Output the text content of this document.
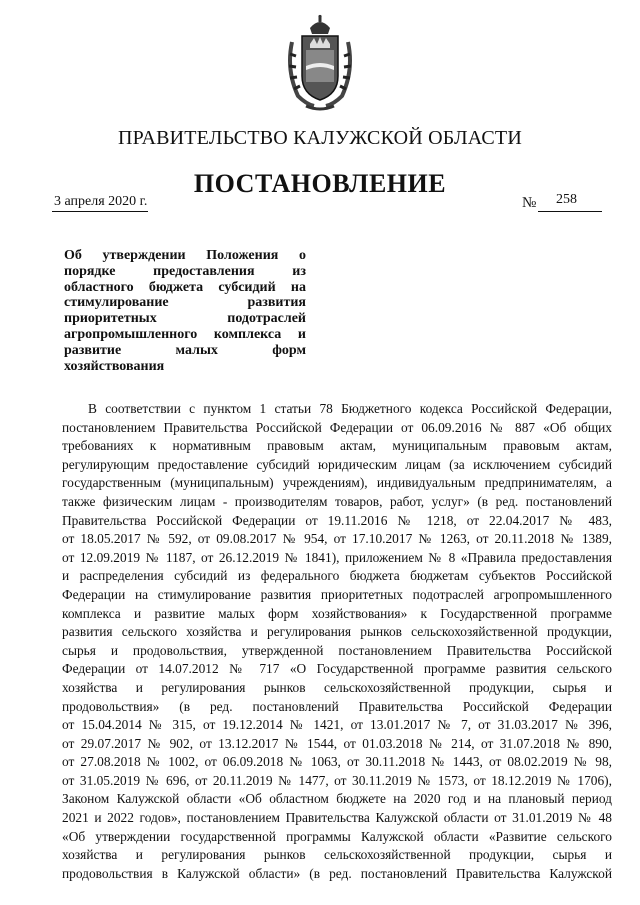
ПРАВИТЕЛЬСТВО КАЛУЖСКОЙ ОБЛАСТИ
ПОСТАНОВЛЕНИЕ
3 апреля 2020 г.	№ 258
Об утверждении Положения о
порядке предоставления из
областного бюджета субсидий на
стимулирование развития
приоритетных подотраслей
агропромышленного комплекса и
развитие малых форм
хозяйствования
В соответствии с пунктом 1 статьи 78 Бюджетного кодекса Российской Федерации,
постановлением Правительства Российской Федерации от 06.09.2016 № 887 «Об общих
требованиях к нормативным правовым актам, муниципальным правовым актам,
регулирующим предоставление субсидий юридическим лицам (за исключением субсидий
государственным (муниципальным) учреждениям), индивидуальным предпринимателям, а
также физическим лицам - производителям товаров, работ, услуг» (в ред. постановлений
Правительства Российской Федерации от 19.11.2016 № 1218, от 22.04.2017 № 483,
от 18.05.2017 № 592, от 09.08.2017 № 954, от 17.10.2017 № 1263, от 20.11.2018 № 1389,
от 12.09.2019 № 1187, от 26.12.2019 № 1841), приложением № 8 «Правила предоставления
и распределения субсидий из федерального бюджета бюджетам субъектов Российской
Федерации на стимулирование развития приоритетных подотраслей агропромышленного
комплекса и развитие малых форм хозяйствования» к Государственной программе
развития сельского хозяйства и регулирования рынков сельскохозяйственной продукции,
сырья и продовольствия, утвержденной постановлением Правительства Российской
Федерации от 14.07.2012 № 717 «О Государственной программе развития сельского
хозяйства и регулирования рынков сельскохозяйственной продукции, сырья и
продовольствия» (в ред. постановлений Правительства Российской Федерации
от 15.04.2014 № 315, от 19.12.2014 № 1421, от 13.01.2017 № 7, от 31.03.2017 № 396,
от 29.07.2017 № 902, от 13.12.2017 № 1544, от 01.03.2018 № 214, от 31.07.2018 № 890,
от 27.08.2018 № 1002, от 06.09.2018 № 1063, от 30.11.2018 № 1443, от 08.02.2019 № 98,
от 31.05.2019 № 696, от 20.11.2019 № 1477, от 30.11.2019 № 1573, от 18.12.2019 № 1706),
Законом Калужской области «Об областном бюджете на 2020 год и на плановый период
2021 и 2022 годов», постановлением Правительства Калужской области от 31.01.2019 № 48
«Об утверждении государственной программы Калужской области «Развитие сельского
хозяйства и регулирования рынков сельскохозяйственной продукции, сырья и
продовольствия в Калужской области» (в ред. постановлений Правительства Калужской
